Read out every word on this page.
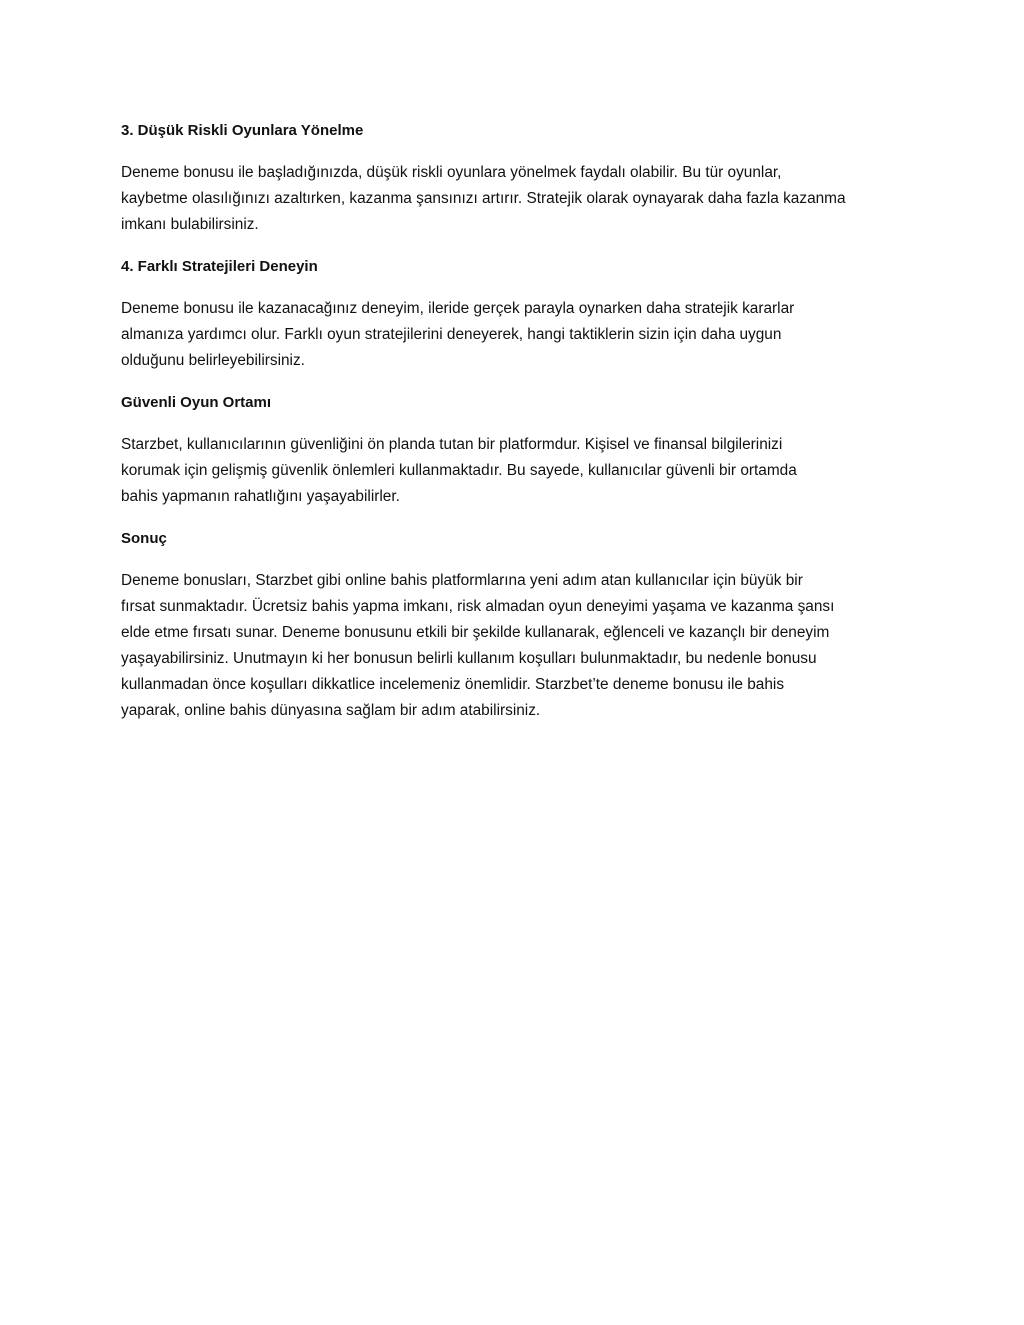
3. Düşük Riskli Oyunlara Yönelme

Deneme bonusu ile başladığınızda, düşük riskli oyunlara yönelmek faydalı olabilir. Bu tür oyunlar,
kaybetme olasılığınızı azaltırken, kazanma şansınızı artırır. Stratejik olarak oynayarak daha fazla kazanma
imkanı bulabilirsiniz.

4. Farklı Stratejileri Deneyin

Deneme bonusu ile kazanacağınız deneyim, ileride gerçek parayla oynarken daha stratejik kararlar
almanıza yardımcı olur. Farklı oyun stratejilerini deneyerek, hangi taktiklerin sizin için daha uygun
olduğunu belirleyebilirsiniz.

Güvenli Oyun Ortamı

Starzbet, kullanıcılarının güvenliğini ön planda tutan bir platformdur. Kişisel ve finansal bilgilerinizi
korumak için gelişmiş güvenlik önlemleri kullanmaktadır. Bu sayede, kullanıcılar güvenli bir ortamda
bahis yapmanın rahatlığını yaşayabilirler.

Sonuç

Deneme bonusları, Starzbet gibi online bahis platformlarına yeni adım atan kullanıcılar için büyük bir
fırsat sunmaktadır. Ücretsiz bahis yapma imkanı, risk almadan oyun deneyimi yaşama ve kazanma şansı
elde etme fırsatı sunar. Deneme bonusunu etkili bir şekilde kullanarak, eğlenceli ve kazançlı bir deneyim
yaşayabilirsiniz. Unutmayın ki her bonusun belirli kullanım koşulları bulunmaktadır, bu nedenle bonusu
kullanmadan önce koşulları dikkatlice incelemeniz önemlidir. Starzbet’te deneme bonusu ile bahis
yaparak, online bahis dünyasına sağlam bir adım atabilirsiniz.
